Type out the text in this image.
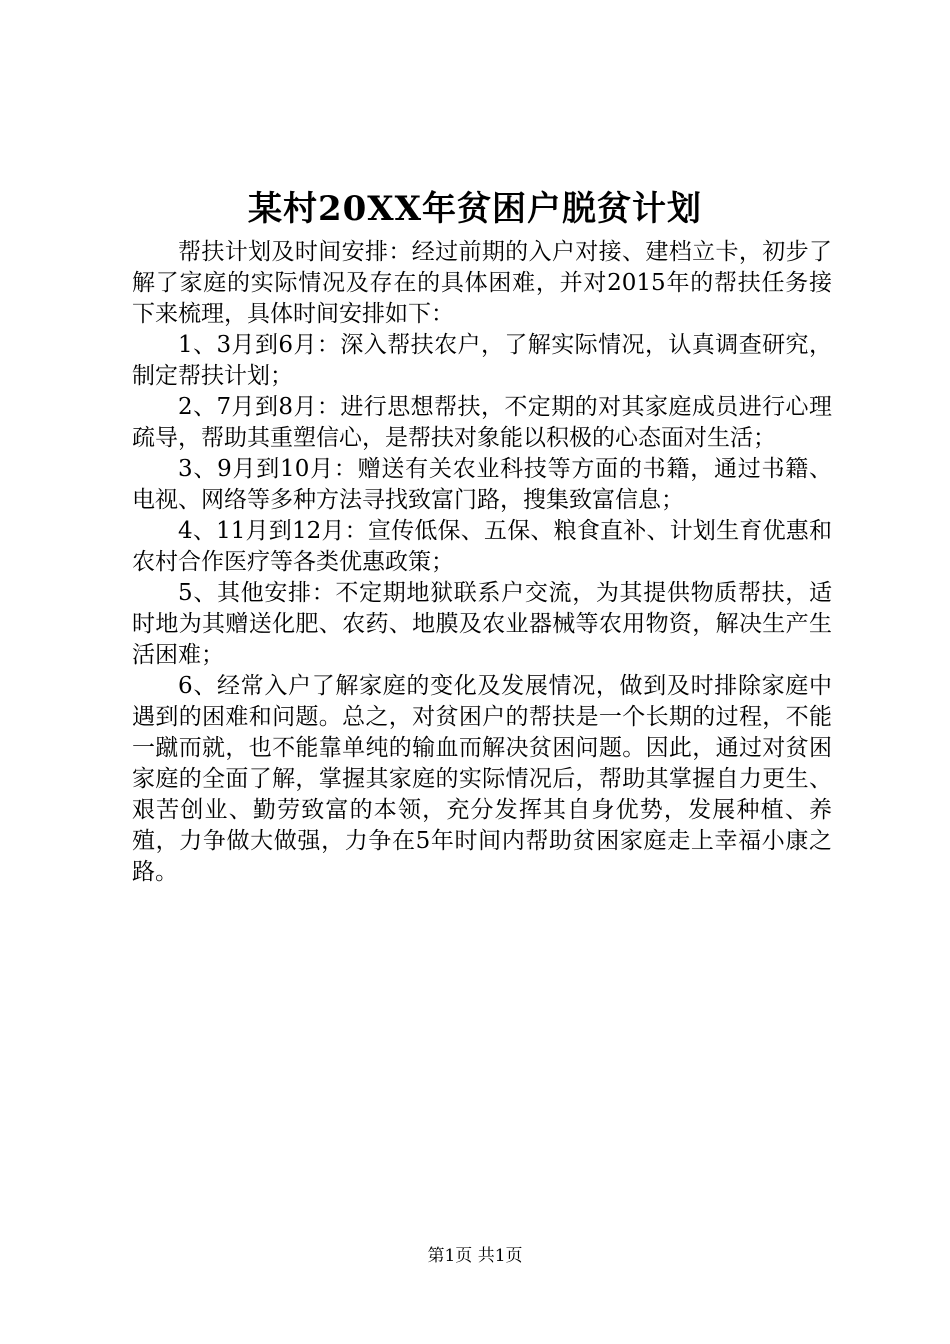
某村20XX年贫困户脱贫计划

帮扶计划及时间安排：经过前期的入户对接、建档立卡，初步了解了家庭的实际情况及存在的具体困难，并对2015年的帮扶任务接下来梳理，具体时间安排如下：

1、3月到6月：深入帮扶农户，了解实际情况，认真调查研究，制定帮扶计划；

2、7月到8月：进行思想帮扶，不定期的对其家庭成员进行心理疏导，帮助其重塑信心，是帮扶对象能以积极的心态面对生活；

3、9月到10月：赠送有关农业科技等方面的书籍，通过书籍、电视、网络等多种方法寻找致富门路，搜集致富信息；

4、11月到12月：宣传低保、五保、粮食直补、计划生育优惠和农村合作医疗等各类优惠政策；

5、其他安排：不定期地狱联系户交流，为其提供物质帮扶，适时地为其赠送化肥、农药、地膜及农业器械等农用物资，解决生产生活困难；

6、经常入户了解家庭的变化及发展情况，做到及时排除家庭中遇到的困难和问题。总之，对贫困户的帮扶是一个长期的过程，不能一蹴而就，也不能靠单纯的输血而解决贫困问题。因此，通过对贫困家庭的全面了解，掌握其家庭的实际情况后，帮助其掌握自力更生、艰苦创业、勤劳致富的本领，充分发挥其自身优势，发展种植、养殖，力争做大做强，力争在5年时间内帮助贫困家庭走上幸福小康之路。

第1页 共1页
